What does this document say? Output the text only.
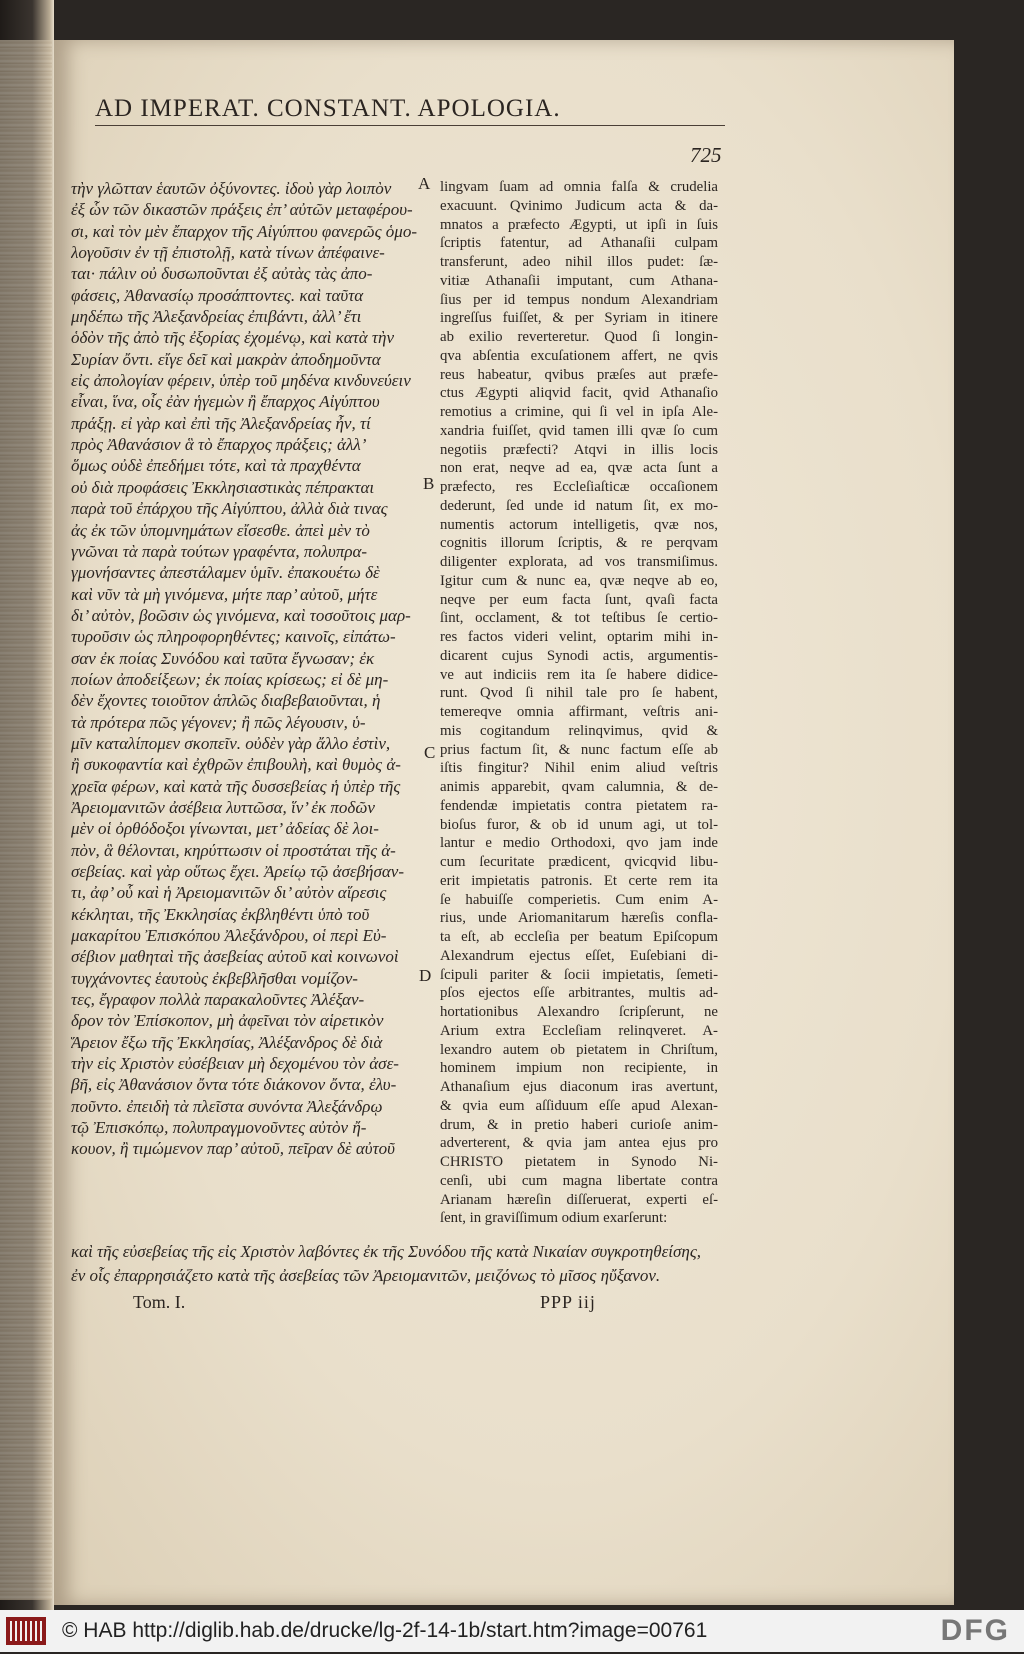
AD IMPERAT. CONSTANT. APOLOGIA.
725
τὴν γλῶτταν ἑαυτῶν ὀξύνοντες. ἰδοὺ γὰρ λοιπὸν
ἐξ ὧν τῶν δικαστῶν πράξεις ἐπ’ αὐτῶν μεταφέρου-
σι, καὶ τὸν μὲν ἔπαρχον τῆς Αἰγύπτου φανερῶς ὁμο-
λογοῦσιν ἐν τῇ ἐπιστολῇ, κατὰ τίνων ἀπέφαινε-
ται· πάλιν οὐ δυσωποῦνται ἐξ αὐτὰς τὰς ἀπο-
φάσεις, Ἀθανασίῳ προσάπτοντες. καὶ ταῦτα
μηδέπω τῆς Ἀλεξανδρείας ἐπιβάντι, ἀλλ’ ἔτι
ὁδὸν τῆς ἀπὸ τῆς ἐξορίας ἐχομένῳ, καὶ κατὰ τὴν
Συρίαν ὄντι. εἴγε δεῖ καὶ μακρὰν ἀποδημοῦντα
εἰς ἀπολογίαν φέρειν, ὑπὲρ τοῦ μηδένα κινδυνεύειν
εἶναι, ἵνα, οἷς ἐὰν ἡγεμὼν ἢ ἔπαρχος Αἰγύπτου
πράξῃ. εἰ γὰρ καὶ ἐπὶ τῆς Ἀλεξανδρείας ἦν, τί
πρὸς Ἀθανάσιον ἃ τὸ ἔπαρχος πράξεις; ἀλλ’
ὅμως οὐδὲ ἐπεδήμει τότε, καὶ τὰ πραχθέντα
οὐ διὰ προφάσεις Ἐκκλησιαστικὰς πέπρακται
παρὰ τοῦ ἐπάρχου τῆς Αἰγύπτου, ἀλλὰ διὰ τινας
ἀς ἐκ τῶν ὑπομνημάτων εἴσεσθε. ἀπεὶ μὲν τὸ
γνῶναι τὰ παρὰ τούτων γραφέντα, πολυπρα-
γμονήσαντες ἀπεστάλαμεν ὑμῖν. ἐπακουέτω δὲ
καὶ νῦν τὰ μὴ γινόμενα, μήτε παρ’ αὐτοῦ, μήτε
δι’ αὐτὸν, βοῶσιν ὡς γινόμενα, καὶ τοσοῦτοις μαρ-
τυροῦσιν ὡς πληροφορηθέντες; καινοῖς, εἰπάτω-
σαν ἐκ ποίας Συνόδου καὶ ταῦτα ἔγνωσαν; ἐκ
ποίων ἀποδείξεων; ἐκ ποίας κρίσεως; εἰ δὲ μη-
δὲν ἔχοντες τοιοῦτον ἁπλῶς διαβεβαιοῦνται, ἡ
τὰ πρότερα πῶς γέγονεν; ἢ πῶς λέγουσιν, ὑ-
μῖν καταλίπομεν σκοπεῖν. οὐδὲν γὰρ ἄλλο ἐστὶν,
ἢ συκοφαντία καὶ ἐχθρῶν ἐπιβουλὴ, καὶ θυμὸς ἀ-
χρεῖα φέρων, καὶ κατὰ τῆς δυσσεβείας ἡ ὑπὲρ τῆς
Ἀρειομανιτῶν ἀσέβεια λυττῶσα, ἵν’ ἐκ ποδῶν
μὲν οἱ ὀρθόδοξοι γίνωνται, μετ’ ἀδείας δὲ λοι-
πὸν, ἃ θέλονται, κηρύττωσιν οἱ προστάται τῆς ἀ-
σεβείας. καὶ γὰρ οὕτως ἔχει. Ἀρείῳ τῷ ἀσεβήσαν-
τι, ἀφ’ οὗ καὶ ἡ Ἀρειομανιτῶν δι’ αὐτὸν αἵρεσις
κέκληται, τῆς Ἐκκλησίας ἐκβληθέντι ὑπὸ τοῦ
μακαρίτου Ἐπισκόπου Ἀλεξάνδρου, οἱ περὶ Εὐ-
σέβιον μαθηταὶ τῆς ἀσεβείας αὐτοῦ καὶ κοινωνοὶ
τυγχάνοντες ἑαυτοὺς ἐκβεβλῆσθαι νομίζον-
τες, ἔγραφον πολλὰ παρακαλοῦντες Ἀλέξαν-
δρον τὸν Ἐπίσκοπον, μὴ ἀφεῖναι τὸν αἱρετικὸν
Ἄρειον ἔξω τῆς Ἐκκλησίας, Ἀλέξανδρος δὲ διὰ
τὴν εἰς Χριστὸν εὐσέβειαν μὴ δεχομένου τὸν ἀσε-
βῆ, εἰς Ἀθανάσιον ὄντα τότε διάκονον ὄντα, ἐλυ-
ποῦντο. ἐπειδὴ τὰ πλεῖστα συνόντα Ἀλεξάνδρῳ
τῷ Ἐπισκόπῳ, πολυπραγμονοῦντες αὐτὸν ἤ-
κουον, ἢ τιμώμενον παρ’ αὐτοῦ, πεῖραν δὲ αὐτοῦ
lingvam ſuam ad omnia falſa & crudelia
exacuunt. Qvinimo Judicum acta & da-
mnatos a præfecto Ægypti, ut ipſi in ſuis
ſcriptis fatentur, ad Athanaſii culpam
transferunt, adeo nihil illos pudet: ſæ-
vitiæ Athanaſii imputant, cum Athana-
ſius per id tempus nondum Alexandriam
ingreſſus fuiſſet, & per Syriam in itinere
ab exilio reverteretur. Quod ſi longin-
qva abſentia excuſationem affert, ne qvis
reus habeatur, qvibus præſes aut præfe-
ctus Ægypti aliqvid facit, qvid Athanaſio
remotius a crimine, qui ſi vel in ipſa Ale-
xandria fuiſſet, qvid tamen illi qvæ ſo cum
negotiis præfecti? Atqvi in illis locis
non erat, neqve ad ea, qvæ acta ſunt a
præfecto, res Eccleſiaſticæ occaſionem
dederunt, ſed unde id natum ſit, ex mo-
numentis actorum intelligetis, qvæ nos,
cognitis illorum ſcriptis, & re perqvam
diligenter explorata, ad vos transmiſimus.
Igitur cum & nunc ea, qvæ neqve ab eo,
neqve per eum facta ſunt, qvaſi facta
ſint, occlament, & tot teſtibus ſe certio-
res factos videri velint, optarim mihi in-
dicarent cujus Synodi actis, argumentis-
ve aut indiciis rem ita ſe habere didice-
runt. Qvod ſi nihil tale pro ſe habent,
temereqve omnia affirmant, veſtris ani-
mis cogitandum relinqvimus, qvid &
prius factum ſit, & nunc factum eſſe ab
iſtis fingitur? Nihil enim aliud veſtris
animis apparebit, qvam calumnia, & de-
fendendæ impietatis contra pietatem ra-
bioſus furor, & ob id unum agi, ut tol-
lantur e medio Orthodoxi, qvo jam inde
cum ſecuritate prædicent, qvicqvid libu-
erit impietatis patronis. Et certe rem ita
ſe habuiſſe comperietis. Cum enim A-
rius, unde Ariomanitarum hæreſis confla-
ta eſt, ab eccleſia per beatum Epiſcopum
Alexandrum ejectus eſſet, Euſebiani di-
ſcipuli pariter & ſocii impietatis, ſemeti-
pſos ejectos eſſe arbitrantes, multis ad-
hortationibus Alexandro ſcripſerunt, ne
Arium extra Eccleſiam relinqveret. A-
lexandro autem ob pietatem in Chriſtum,
hominem impium non recipiente, in
Athanaſium ejus diaconum iras avertunt,
& qvia eum aſſiduum eſſe apud Alexan-
drum, & in pretio haberi curioſe anim-
adverterent, & qvia jam antea ejus pro
CHRISTO pietatem in Synodo Ni-
cenſi, ubi cum magna libertate contra
Arianam hæreſin diſſeruerat, experti eſ-
ſent, in graviſſimum odium exarſerunt:
A
B
C
D
καὶ τῆς εὐσεβείας τῆς εἰς Χριστὸν λαβόντες ἐκ τῆς Συνόδου τῆς κατὰ Νικαίαν συγκροτηθείσης,
ἐν οἷς ἐπαρρησιάζετο κατὰ τῆς ἀσεβείας τῶν Ἀρειομανιτῶν, μειζόνως τὸ μῖσος ηὔξανον.
Tom. I.	PPP iij
© HAB http://diglib.hab.de/drucke/lg-2f-14-1b/start.htm?image=00761	DFG
